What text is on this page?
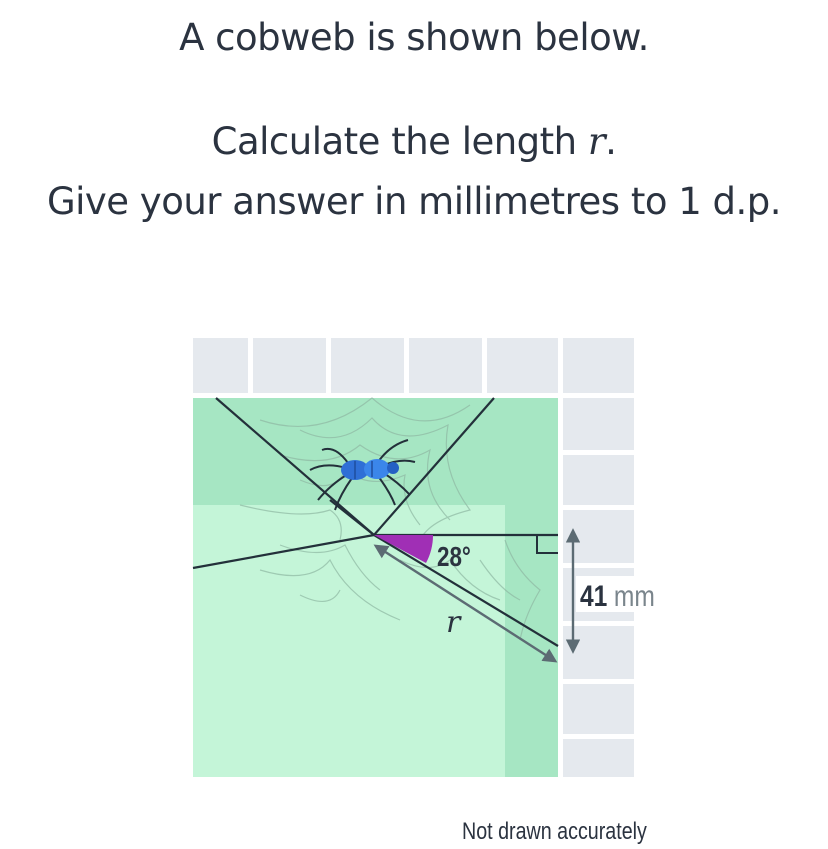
A cobweb is shown below.
Calculate the length r.
Give your answer in millimetres to 1 d.p.
28°
r
41 mm
Not drawn accurately
